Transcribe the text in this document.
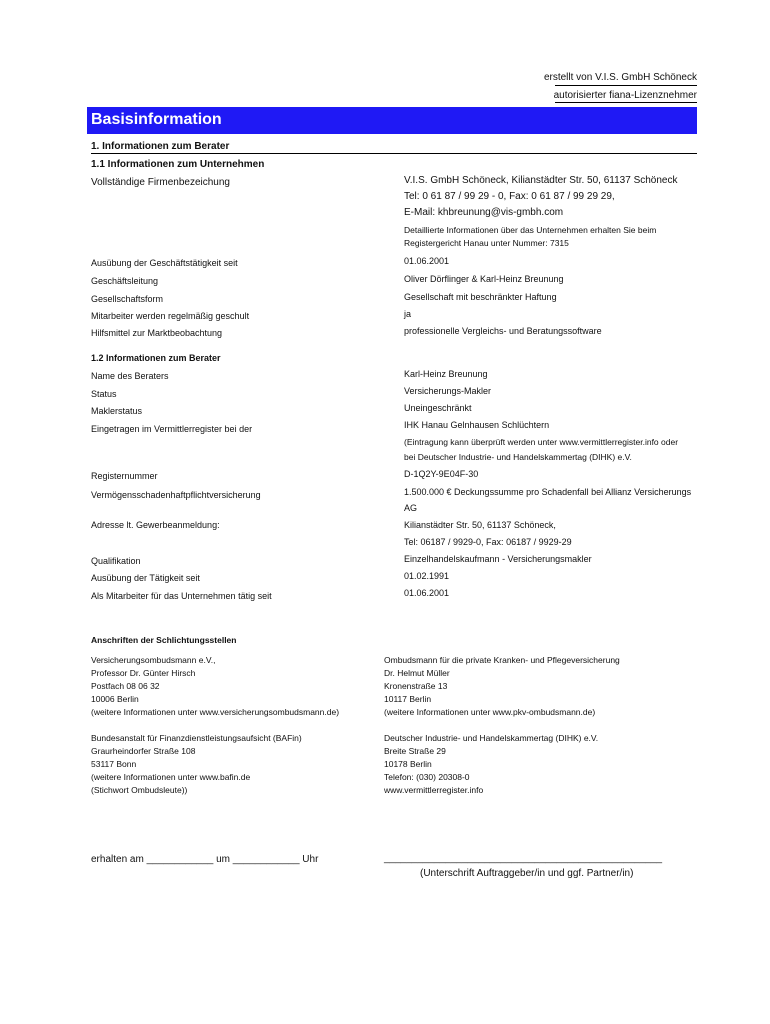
erstellt von V.I.S. GmbH Schöneck
autorisierter fiana-Lizenznehmer
Basisinformation
1. Informationen zum Berater
1.1 Informationen zum Unternehmen
Vollständige Firmenbezeichung	V.I.S. GmbH Schöneck, Kilianstädter Str. 50, 61137 Schöneck
Tel: 0 61 87 / 99 29 - 0, Fax: 0 61 87 / 99 29 29,
E-Mail: khbreunung@vis-gmbh.com
Detaillierte Informationen über das Unternehmen erhalten Sie beim
Registergericht Hanau unter Nummer: 7315
Ausübung der Geschäftstätigkeit seit	01.06.2001
Geschäftsleitung	Oliver Dörflinger & Karl-Heinz Breunung
Gesellschaftsform	Gesellschaft mit beschränkter Haftung
Mitarbeiter werden regelmäßig geschult	ja
Hilfsmittel zur Marktbeobachtung	professionelle Vergleichs- und Beratungssoftware
1.2 Informationen zum Berater
Name des Beraters	Karl-Heinz Breunung
Status	Versicherungs-Makler
Maklerstatus	Uneingeschränkt
Eingetragen im Vermittlerregister bei der	IHK Hanau Gelnhausen Schlüchtern
(Eintragung kann überprüft werden unter www.vermittlerregister.info oder
bei Deutscher Industrie- und Handelskammertag (DIHK) e.V.
Registernummer	D-1Q2Y-9E04F-30
Vermögensschadenhaftpflichtversicherung	1.500.000 € Deckungssumme pro Schadenfall bei Allianz Versicherungs
AG
Adresse lt. Gewerbeanmeldung:	Kilianstädter Str. 50, 61137 Schöneck,
Tel: 06187 / 9929-0, Fax: 06187 / 9929-29
Qualifikation	Einzelhandelskaufmann - Versicherungsmakler
Ausübung der Tätigkeit seit	01.02.1991
Als Mitarbeiter für das Unternehmen tätig seit	01.06.2001
Anschriften der Schlichtungsstellen
Versicherungsombudsmann e.V.,
Professor Dr. Günter Hirsch
Postfach 08 06 32
10006 Berlin
(weitere Informationen unter www.versicherungsombudsmann.de)
Ombudsmann für die private Kranken- und Pflegeversicherung
Dr. Helmut Müller
Kronenstraße 13
10117 Berlin
(weitere Informationen unter www.pkv-ombudsmann.de)
Bundesanstalt für Finanzdienstleistungsaufsicht (BAFin)
Graurheindorfer Straße 108
53117 Bonn
(weitere Informationen unter www.bafin.de
(Stichwort Ombudsleute))
Deutscher Industrie- und Handelskammertag (DIHK) e.V.
Breite Straße 29
10178 Berlin
Telefon: (030) 20308-0
www.vermittlerregister.info
erhalten am ____________ um ____________ Uhr	__________________________________________________
(Unterschrift Auftraggeber/in und ggf. Partner/in)
